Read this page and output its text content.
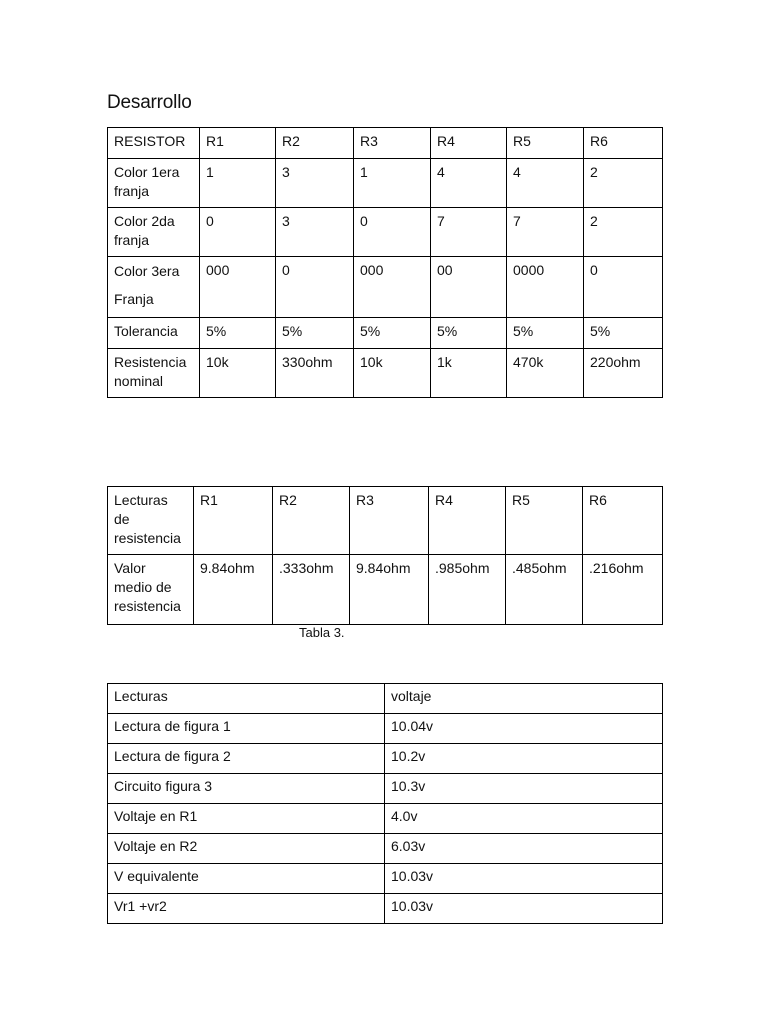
Desarrollo
RESISTOR	R1	R2	R3	R4	R5	R6
Color 1era franja	1	3	1	4	4	2
Color 2da franja	0	3	0	7	7	2

Color 3era
Franja	000	0	000	00	0000	0
Tolerancia	5%	5%	5%	5%	5%	5%
Resistencia nominal	10k	330ohm	10k	1k	470k	220ohm
Lecturas de resistencia	R1	R2	R3	R4	R5	R6
Valor medio de resistencia	9.84ohm	.333ohm	9.84ohm	.985ohm	.485ohm	.216ohm
Tabla 3.
Lecturas	voltaje
Lectura de figura 1	10.04v
Lectura de figura 2	10.2v
Circuito figura 3	10.3v
Voltaje en R1	4.0v
Voltaje en R2	6.03v
V equivalente	10.03v
Vr1 +vr2	10.03v
